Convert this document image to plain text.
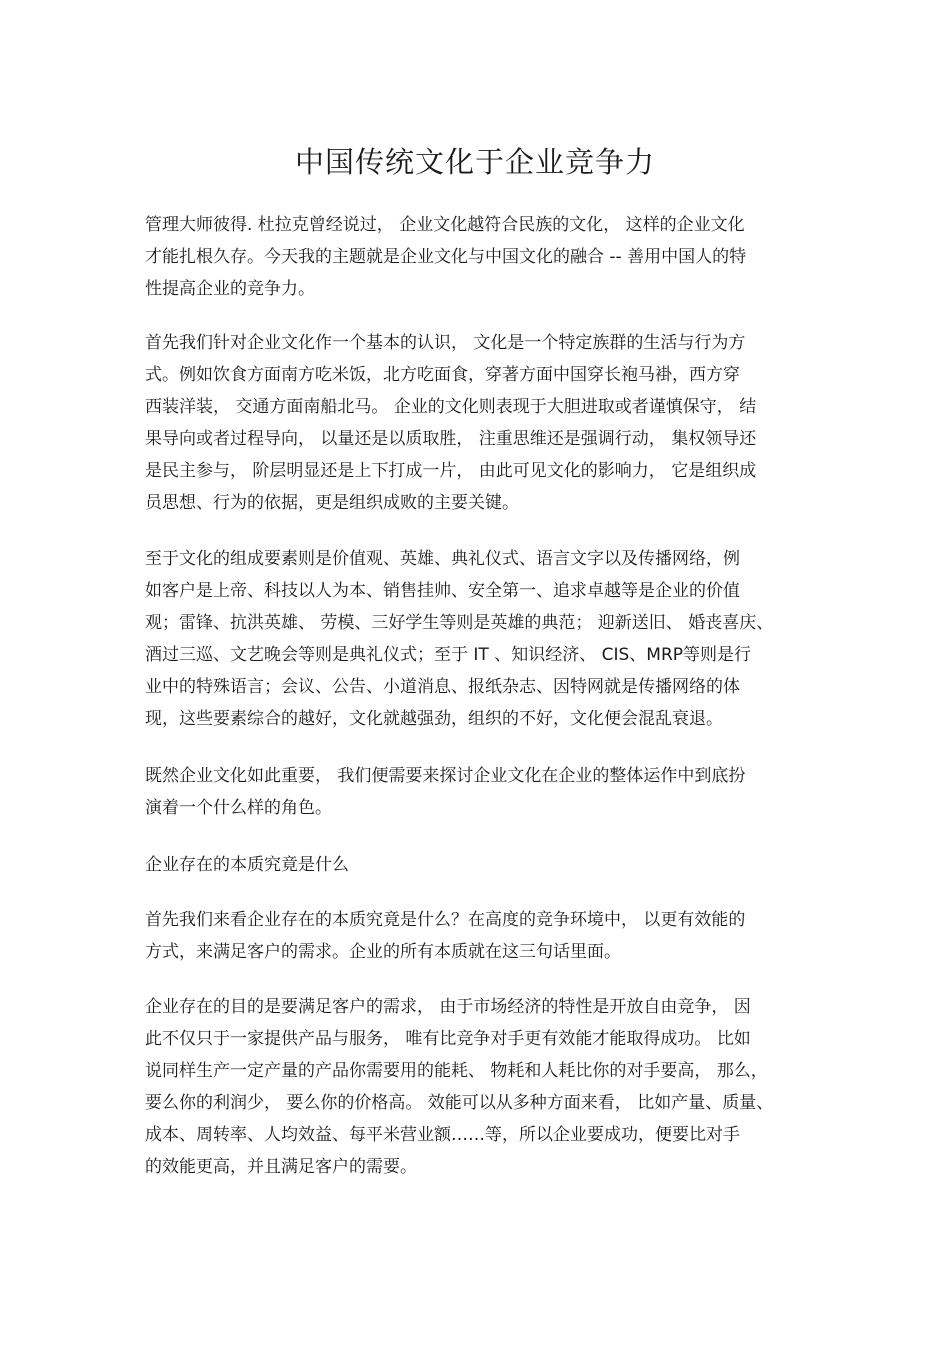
中国传统文化于企业竞争力
管理大师彼得. 杜拉克曾经说过， 企业文化越符合民族的文化， 这样的企业文化
才能扎根久存。今天我的主题就是企业文化与中国文化的融合 -- 善用中国人的特
性提高企业的竞争力。
首先我们针对企业文化作一个基本的认识， 文化是一个特定族群的生活与行为方
式。例如饮食方面南方吃米饭，北方吃面食，穿著方面中国穿长袍马褂，西方穿
西装洋装， 交通方面南船北马。 企业的文化则表现于大胆进取或者谨慎保守， 结
果导向或者过程导向， 以量还是以质取胜， 注重思维还是强调行动， 集权领导还
是民主参与， 阶层明显还是上下打成一片， 由此可见文化的影响力， 它是组织成
员思想、行为的依据，更是组织成败的主要关键。
至于文化的组成要素则是价值观、英雄、典礼仪式、语言文字以及传播网络，例
如客户是上帝、科技以人为本、销售挂帅、安全第一、追求卓越等是企业的价值
观；雷锋、抗洪英雄、 劳模、三好学生等则是英雄的典范； 迎新送旧、 婚丧喜庆、
酒过三巡、文艺晚会等则是典礼仪式；至于 IT 、知识经济、 CIS、MRP等则是行
业中的特殊语言；会议、公告、小道消息、报纸杂志、因特网就是传播网络的体
现，这些要素综合的越好，文化就越强劲，组织的不好，文化便会混乱衰退。
既然企业文化如此重要， 我们便需要来探讨企业文化在企业的整体运作中到底扮
演着一个什么样的角色。
企业存在的本质究竟是什么
首先我们来看企业存在的本质究竟是什么？在高度的竞争环境中， 以更有效能的
方式，来满足客户的需求。企业的所有本质就在这三句话里面。
企业存在的目的是要满足客户的需求， 由于市场经济的特性是开放自由竞争， 因
此不仅只于一家提供产品与服务， 唯有比竞争对手更有效能才能取得成功。 比如
说同样生产一定产量的产品你需要用的能耗、 物耗和人耗比你的对手要高， 那么，
要么你的利润少， 要么你的价格高。 效能可以从多种方面来看， 比如产量、质量、
成本、周转率、人均效益、每平米营业额……等，所以企业要成功，便要比对手
的效能更高，并且满足客户的需要。
